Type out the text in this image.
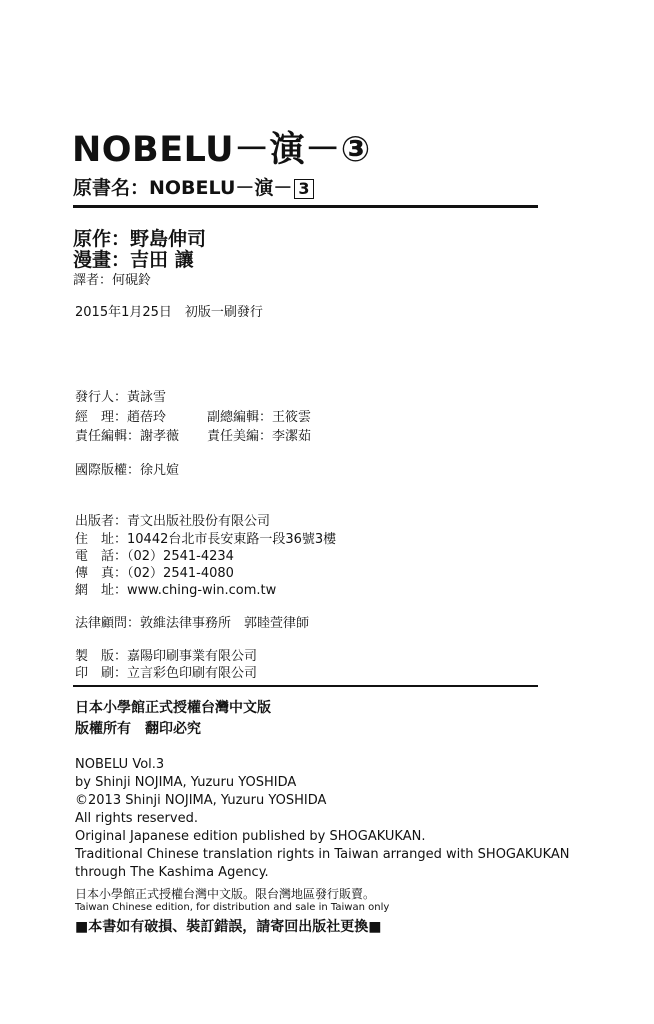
NOBELU－演－③
原書名：NOBELU－演－ 3
原作：野島伸司
漫畫：吉田 讓
譯者：何硯鈴
2015年1月25日　初版一刷發行
發行人：黃詠雪
經　理：趙蓓玲	副總編輯：王筱雲
責任編輯：謝孝薇 責任美編：李潔茹
國際版權：徐凡媗
出版者：青文出版社股份有限公司
住　址：10442台北市長安東路一段36號3樓
電　話：（02）2541-4234
傳　真：（02）2541-4080
網　址：www.ching-win.com.tw
法律顧問：敦維法律事務所　郭睦萱律師
製　版：嘉陽印刷事業有限公司
印　刷：立言彩色印刷有限公司
日本小學館正式授權台灣中文版
版權所有　翻印必究
NOBELU Vol.3
by Shinji NOJIMA, Yuzuru YOSHIDA
©2013 Shinji NOJIMA, Yuzuru YOSHIDA
All rights reserved.
Original Japanese edition published by SHOGAKUKAN.
Traditional Chinese translation rights in Taiwan arranged with SHOGAKUKAN
through The Kashima Agency.
日本小學館正式授權台灣中文版。限台灣地區發行販賣。
Taiwan Chinese edition, for distribution and sale in Taiwan only
■本書如有破損、裝訂錯誤，請寄回出版社更換■
